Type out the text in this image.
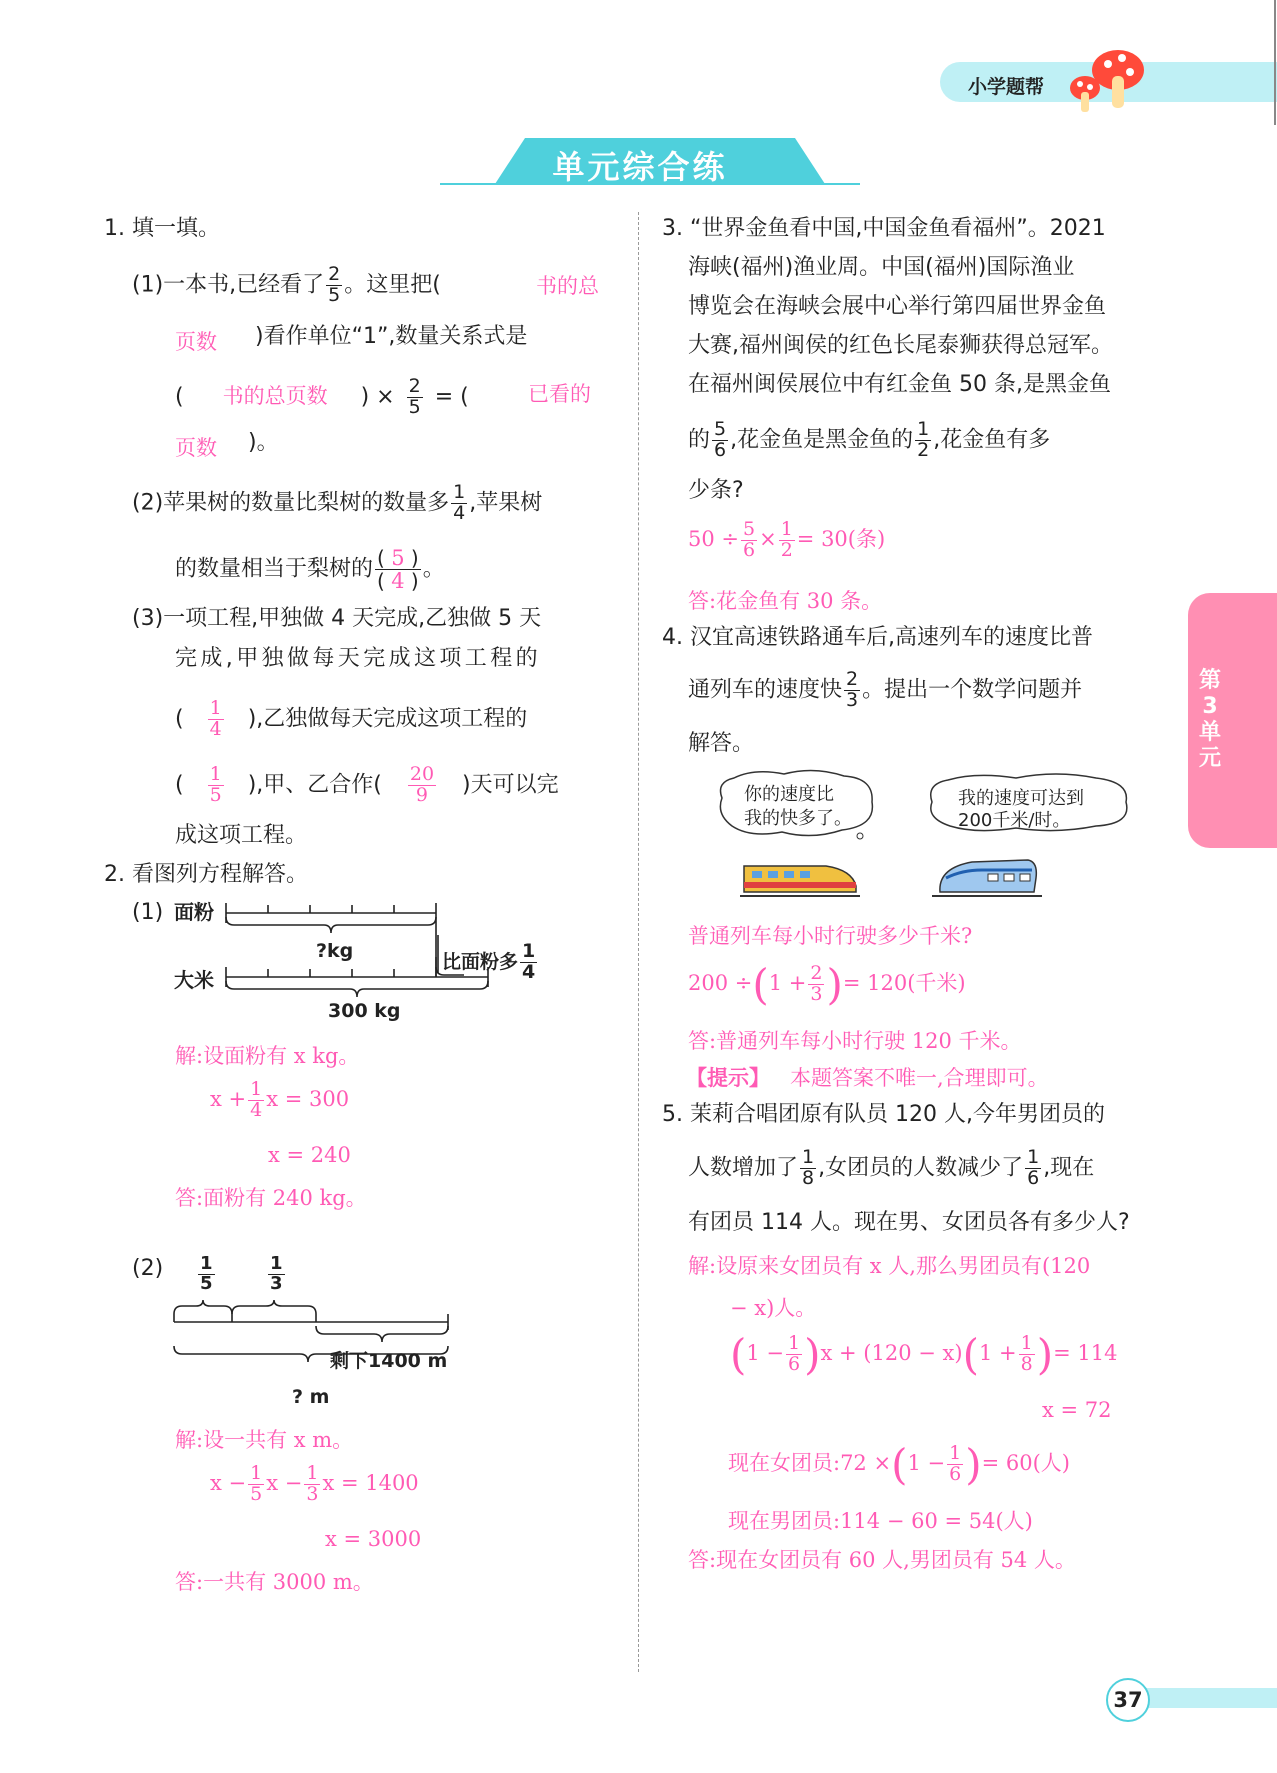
小学题帮
单元综合练
第3单元
1. 填一填。
(1)一本书,已经看了 $\frac{2}{5}$ 。这里把(	书的总
页数 )看作单位“1”,数量关系式是
( 书的总页数 ) × $\frac{2}{5}$ = (	已看的
页数 )。
(2)苹果树的数量比梨树的数量多 $\frac{1}{4}$ ,苹果树
的数量相当于梨树的 $\frac{( 5 )}{( 4 )}$ 。
(3)一项工程,甲独做 4 天完成,乙独做 5 天
完成,甲独做每天完成这项工程的
( $\frac{1}{4}$ ),乙独做每天完成这项工程的
( $\frac{1}{5}$ ),甲、乙合作( $\frac{20}{9}$ )天可以完
成这项工程。
2. 看图列方程解答。
(1) 面粉
大米
?kg	比面粉多 $\frac{1}{4}$
300 kg
解:设面粉有 x kg。
$x + \frac{1}{4}$ x = 300
x = 240
答:面粉有 240 kg。
$(2) \frac{1}{5}$	$\frac{1}{3}$
剩下1400 m
? m
解:设一共有 x m。
$x - \frac{1}{5}$ $x - \frac{1}{3}$ x = 1400
x = 3000
答:一共有 3000 m。
3. “世界金鱼看中国,中国金鱼看福州”。2021
海峡(福州)渔业周。中国(福州)国际渔业
博览会在海峡会展中心举行第四届世界金鱼
大赛,福州闽侯的红色长尾泰狮获得总冠军。
在福州闽侯展位中有红金鱼 50 条,是黑金鱼
的 $\frac{5}{6}$ ,花金鱼是黑金鱼的 $\frac{1}{2}$ ,花金鱼有多
少条?
$50 \div \frac{5}{6} \times \frac{1}{2} = 30$(条)
答:花金鱼有 30 条。
4. 汉宜高速铁路通车后,高速列车的速度比普
通列车的速度快 $\frac{2}{3}$ 。提出一个数学问题并
解答。
你的速度比
我的快多了。
我的速度可达到
200千米/时。
普通列车每小时行驶多少千米?
$200 \div(1 + \frac{2}{3}$ )= 120(千米)
答:普通列车每小时行驶 120 千米。
【提示】 本题答案不唯一,合理即可。
5. 茉莉合唱团原有队员 120 人,今年男团员的
人数增加了 $\frac{1}{8}$ ,女团员的人数减少了 $\frac{1}{6}$ ,现在
有团员 114 人。现在男、女团员各有多少人?
解:设原来女团员有 x 人,那么男团员有(120
− x)人。
$(1 - \frac{1}{6} )x + (120 - x)(1 + \frac{1}{8}$ )= 114
x = 72
现在女团员:72 $\times(1 - \frac{1}{6}$ )= 60(人)
现在男团员:114 − 60 = 54(人)
答:现在女团员有 60 人,男团员有 54 人。
37
